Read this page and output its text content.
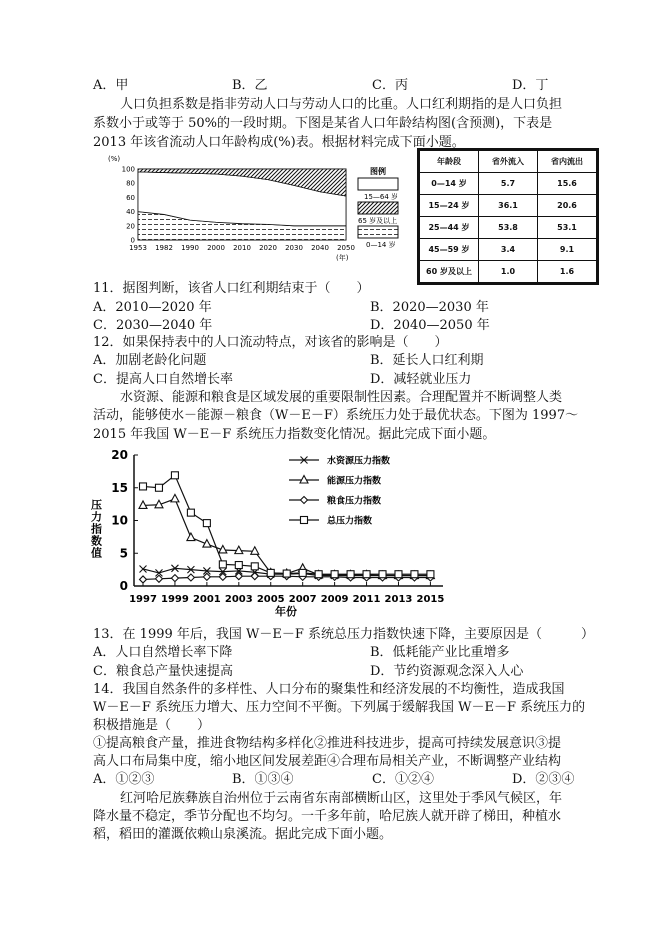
A．甲	B．乙	C．丙	D．丁
人口负担系数是指非劳动人口与劳动人口的比重。人口红利期指的是人口负担
系数小于或等于 50%的一段时期。下图是某省人口年龄结构图(含预测)，下表是
2013 年该省流动人口年龄构成(%)表。根据材料完成下面小题。
(%)
100
80
60
40
20
0
1953 1982 1990 2000 2010 2020 2030 2040 2050
(年)
图例
15—64 岁
65 岁及以上
0—14 岁
年龄段	省外流入	省内流出
0—14 岁	5.7	15.6
15—24 岁	36.1	20.6
25—44 岁	53.8	53.1
45—59 岁	3.4	9.1
60 岁及以上	1.0	1.6
11．据图判断，该省人口红利期结束于（　　）
A．2010—2020 年	B．2020—2030 年
C．2030—2040 年	D．2040—2050 年
12．如果保持表中的人口流动特点，对该省的影响是（　　）
A．加剧老龄化问题	B．延长人口红利期
C．提高人口自然增长率	D．减轻就业压力
水资源、能源和粮食是区域发展的重要限制性因素。合理配置并不断调整人类
活动，能够使水－能源－粮食（W－E－F）系统压力处于最优状态。下图为 1997～
2015 年我国 W－E－F 系统压力指数变化情况。据此完成下面小题。
20
15
10
5
0
1997 1999 2001 2003 2005 2007 2009 2011 2013 2015
压力指数值
年份
水资源压力指数
能源压力指数
粮食压力指数
总压力指数
13．在 1999 年后，我国 W－E－F 系统总压力指数快速下降，主要原因是（　　　）
A．人口自然增长率下降	B．低耗能产业比重增多
C．粮食总产量快速提高	D．节约资源观念深入人心
14．我国自然条件的多样性、人口分布的聚集性和经济发展的不均衡性，造成我国
W－E－F 系统压力增大、压力空间不平衡。下列属于缓解我国 W－E－F 系统压力的
积极措施是（　　）
①提高粮食产量，推进食物结构多样化②推进科技进步，提高可持续发展意识③提
高人口布局集中度，缩小地区间发展差距④合理布局相关产业，不断调整产业结构
A．①②③	B．①③④	C．①②④	D．②③④
红河哈尼族彝族自治州位于云南省东南部横断山区，这里处于季风气候区，年
降水量不稳定，季节分配也不均匀。一千多年前，哈尼族人就开辟了梯田，种植水
稻，稻田的灌溉依赖山泉溪流。据此完成下面小题。
